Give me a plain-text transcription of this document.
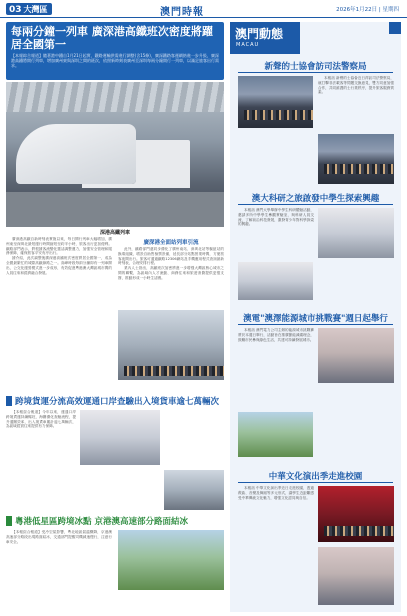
03 大灣區	澳門時報	2026年1月22日 | 星期四
每兩分鐘一列車 廣深港高鐵班次密度將躍居全國第一

【本報綜合報道】隨著港中鐵自1月21日起實，鐵路運輸供需進行調整(含15條)，廣深鐵路客運網絡進一步升級，廣深港高鐵將開行列車，增加廣州東與深圳之間的班次，依照新時刻表廣州至深圳每兩分鐘開行一列車，以滿足旅客出行需求。

深港高鐵列車

廣深港高鐵自新時刻表實施以來，每日開行列車大幅增加，廣州東至深圳北最短運行時間縮短至約半小時，旅客出行更加便利。鐵路部門表示，將根據客流變化靈活調整運力，加強安全管理和服務保障，確保旅客平安有序出行。

據介紹，此次調整後廣深港高鐵班次密度將居全國第一，成為全國最繁忙的城際高鐵線路之一。高峰時段每兩分鐘即有一列車開出，公交化運營模式進一步成形，有效促進粵港澳大灣區城市間的人員往來和經濟融合發展。

廣深港全面站列車引流

此外，鐵路部門還同步優化了廣州南站、深圳北站等樞紐站的換乘組織，增設自助售檢票設備，延長部分站點營業時間，方便旅客夜間出行。旅客可通過鐵路12306網站及手機應用程式查詢最新時刻表，合理安排行程。

業內人士指出，高鐵班次加密將進一步增強大灣區核心城市之間的聯繫，為區域內人才流動、商務往來和旅遊消費提供更強支撐，推動形成一小時生活圈。

跨境貨運分流高效運通口岸查驗出入境貨車逾七萬輛次

【本報綜合報道】今年以來，運通口岸跨境貨運持續暢旺，海關優化查驗流程，提升通關效率，出入境貨車累計逾七萬輛次，為區域經貿往來提供有力保障。

粵港低星區跨境冰點 京港澳高速部分路面結冰

【本報綜合報道】受冷空氣影響，粵北地區氣溫驟降，京港澳高速部分路段出現路面結冰，交通部門提醒司機減速慢行，注意行車安全。

澳門動態
MACAU
新聲的士協會訪司法警察局

本報訊 新聲的士協會近日拜訪司法警察局，就打擊非法載客等問題交換意見，雙方同意加強合作，共同維護的士行業秩序，提升旅客服務質素。

澳大科研之旅啟發中學生探索興趣

本報訊 澳門大學舉辦中學生科研體驗活動，邀請多所中學學生參觀實驗室，與科研人員交流，了解前沿科技發展，激發青少年對科學探索的興趣。

澳電"澳澤能源城市挑戰賽"週日起舉行

本報訊 澳門電力公司主辦的能源城市挑戰賽將於本週日舉行，活動旨在推廣節能減碳理念，鼓勵市民參與綠色生活，共建可持續發展城市。

中華文化演出季走進校園

本報訊 中華文化演出季近日走進校園，透過戲曲、音樂及舞蹈等多元形式，讓學生近距離感受中華傳統文化魅力，增強文化認同與自信。
